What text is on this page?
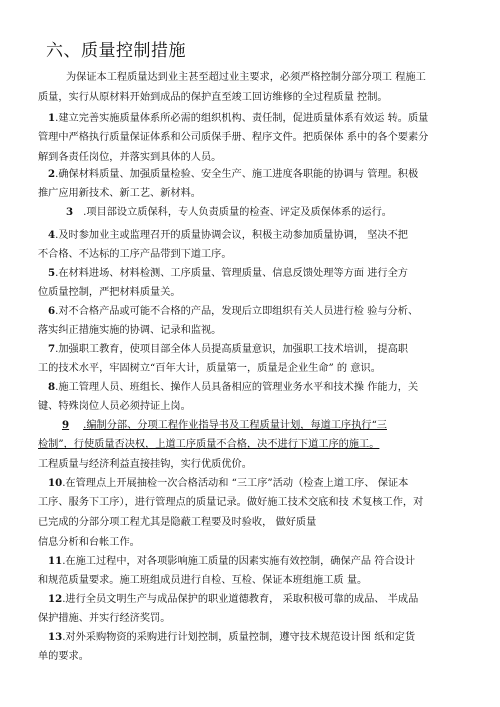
六、质量控制措施
为保证本工程质量达到业主甚至超过业主要求，必须严格控制分部分项工 程施工
质量，实行从原材料开始到成品的保护直至竣工回访维修的全过程质量 控制。
1.建立完善实施质量体系所必需的组织机构、责任制，促进质量体系有效运 转。质量
管理中严格执行质量保证体系和公司质保手册、程序文件。把质保体 系中的各个要素分
解到各责任岗位，并落实到具体的人员。
2.确保材料质量、加强质量检验、安全生产、施工进度各职能的协调与 管理。积极
推广应用新技术、新工艺、新材料。
3 .项目部设立质保科，专人负责质量的检查、评定及质保体系的运行。
4.及时参加业主或监理召开的质量协调会议，积极主动参加质量协调， 坚决不把
不合格、不达标的工序产品带到下道工序。
5.在材料进场、材料检测、工序质量、管理质量、信息反馈处理等方面 进行全方
位质量控制，严把材料质量关。
6.对不合格产品或可能不合格的产品，发现后立即组织有关人员进行检 验与分析、
落实纠正措施实施的协调、记录和监视。
7.加强职工教育，使项目部全体人员提高质量意识，加强职工技术培训， 提高职
工的技术水平，牢固树立“百年大计，质量第一，质量是企业生命” 的 意识。
8.施工管理人员、班组长、操作人员具备相应的管理业务水平和技术操 作能力，关
键、特殊岗位人员必须持证上岗。
9 .编制分部、分项工程作业指导书及工程质量计划，每道工序执行“三
检制”，行使质量否决权，上道工序质量不合格，决不进行下道工序的施工。
工程质量与经济利益直接挂钩，实行优质优价。
10.在管理点上开展抽检一次合格活动和 “三工序”活动（检查上道工序、 保证本
工序、服务下工序），进行管理点的质量记录。做好施工技术交底和技 术复核工作，对
已完成的分部分项工程尤其是隐蔽工程要及时验收， 做好质量
信息分析和台帐工作。
11.在施工过程中，对各项影响施工质量的因素实施有效控制，确保产品 符合设计
和规范质量要求。施工班组成员进行自检、互检、保证本班组施工质 量。
12.进行全员文明生产与成品保护的职业道德教育， 采取积极可靠的成品、 半成品
保护措施、并实行经济奖罚。
13.对外采购物资的采购进行计划控制，质量控制，遵守技术规范设计图 纸和定货
单的要求。
